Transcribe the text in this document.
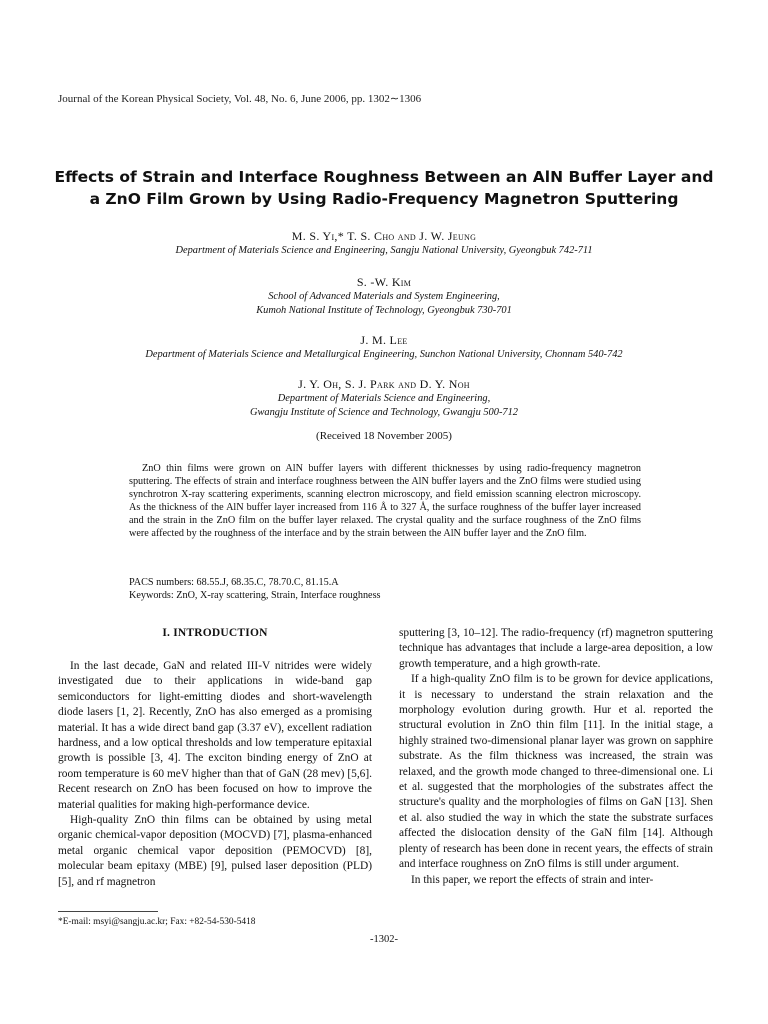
Journal of the Korean Physical Society, Vol. 48, No. 6, June 2006, pp. 1302∼1306
Effects of Strain and Interface Roughness Between an AlN Buffer Layer and
a ZnO Film Grown by Using Radio-Frequency Magnetron Sputtering
M. S. Yi,* T. S. Cho and J. W. Jeung
Department of Materials Science and Engineering, Sangju National University, Gyeongbuk 742-711
S. -W. Kim
School of Advanced Materials and System Engineering,
Kumoh National Institute of Technology, Gyeongbuk 730-701
J. M. Lee
Department of Materials Science and Metallurgical Engineering, Sunchon National University, Chonnam 540-742
J. Y. Oh, S. J. Park and D. Y. Noh
Department of Materials Science and Engineering,
Gwangju Institute of Science and Technology, Gwangju 500-712
(Received 18 November 2005)
ZnO thin films were grown on AlN buffer layers with different thicknesses by using radio-frequency magnetron sputtering. The effects of strain and interface roughness between the AlN buffer layers and the ZnO films were studied using synchrotron X-ray scattering experiments, scanning electron microscopy, and field emission scanning electron microscopy. As the thickness of the AlN buffer layer increased from 116 Å to 327 Å, the surface roughness of the buffer layer increased and the strain in the ZnO film on the buffer layer relaxed. The crystal quality and the surface roughness of the ZnO films were affected by the roughness of the interface and by the strain between the AlN buffer layer and the ZnO film.
PACS numbers: 68.55.J, 68.35.C, 78.70.C, 81.15.A
Keywords: ZnO, X-ray scattering, Strain, Interface roughness
I. INTRODUCTION

In the last decade, GaN and related III-V nitrides were widely investigated due to their applications in wide-band gap semiconductors for light-emitting diodes and short-wavelength diode lasers [1, 2]. Recently, ZnO has also emerged as a promising material. It has a wide direct band gap (3.37 eV), excellent radiation hardness, and a low optical thresholds and low temperature epitaxial growth is possible [3, 4]. The exciton binding energy of ZnO at room temperature is 60 meV higher than that of GaN (28 mev) [5,6]. Recent research on ZnO has been focused on how to improve the material qualities for making high-performance device.

High-quality ZnO thin films can be obtained by using metal organic chemical-vapor deposition (MOCVD) [7], plasma-enhanced metal organic chemical vapor deposition (PEMOCVD) [8], molecular beam epitaxy (MBE) [9], pulsed laser deposition (PLD) [5], and rf magnetron

sputtering [3, 10–12]. The radio-frequency (rf) magnetron sputtering technique has advantages that include a large-area deposition, a low growth temperature, and a high growth-rate.

If a high-quality ZnO film is to be grown for device applications, it is necessary to understand the strain relaxation and the morphology evolution during growth. Hur et al. reported the structural evolution in ZnO thin film [11]. In the initial stage, a highly strained two-dimensional planar layer was grown on sapphire substrate. As the film thickness was increased, the strain was relaxed, and the growth mode changed to three-dimensional one. Li et al. suggested that the morphologies of the substrates affect the structure's quality and the morphologies of films on GaN [13]. Shen et al. also studied the way in which the state the substrate surfaces affected the dislocation density of the GaN film [14]. Although plenty of research has been done in recent years, the effects of strain and interface roughness on ZnO films is still under argument.

In this paper, we report the effects of strain and inter-

*E-mail: msyi@sangju.ac.kr; Fax: +82-54-530-5418
-1302-
